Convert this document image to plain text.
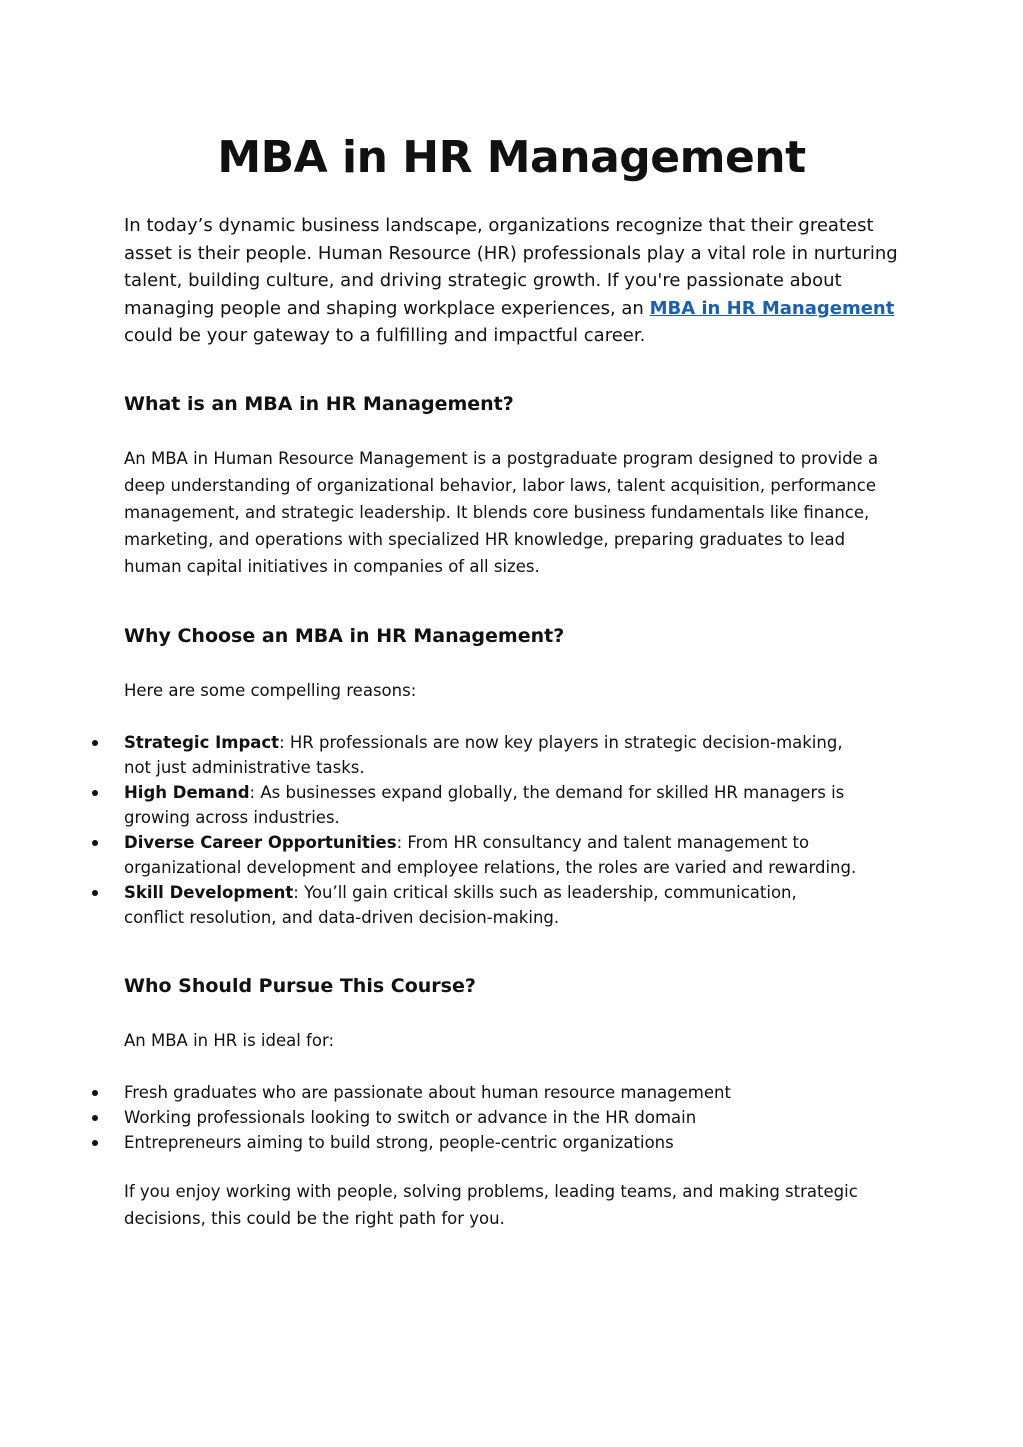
MBA in HR Management

In today’s dynamic business landscape, organizations recognize that their greatest asset is their people. Human Resource (HR) professionals play a vital role in nurturing talent, building culture, and driving strategic growth. If you're passionate about managing people and shaping workplace experiences, an MBA in HR Management could be your gateway to a fulfilling and impactful career.

What is an MBA in HR Management?

An MBA in Human Resource Management is a postgraduate program designed to provide a deep understanding of organizational behavior, labor laws, talent acquisition, performance management, and strategic leadership. It blends core business fundamentals like finance, marketing, and operations with specialized HR knowledge, preparing graduates to lead human capital initiatives in companies of all sizes.

Why Choose an MBA in HR Management?

Here are some compelling reasons:

Strategic Impact: HR professionals are now key players in strategic decision-making, not just administrative tasks.
High Demand: As businesses expand globally, the demand for skilled HR managers is growing across industries.
Diverse Career Opportunities: From HR consultancy and talent management to organizational development and employee relations, the roles are varied and rewarding.
Skill Development: You’ll gain critical skills such as leadership, communication, conflict resolution, and data-driven decision-making.
Who Should Pursue This Course?

An MBA in HR is ideal for:

Fresh graduates who are passionate about human resource management
Working professionals looking to switch or advance in the HR domain
Entrepreneurs aiming to build strong, people-centric organizations

If you enjoy working with people, solving problems, leading teams, and making strategic decisions, this could be the right path for you.
